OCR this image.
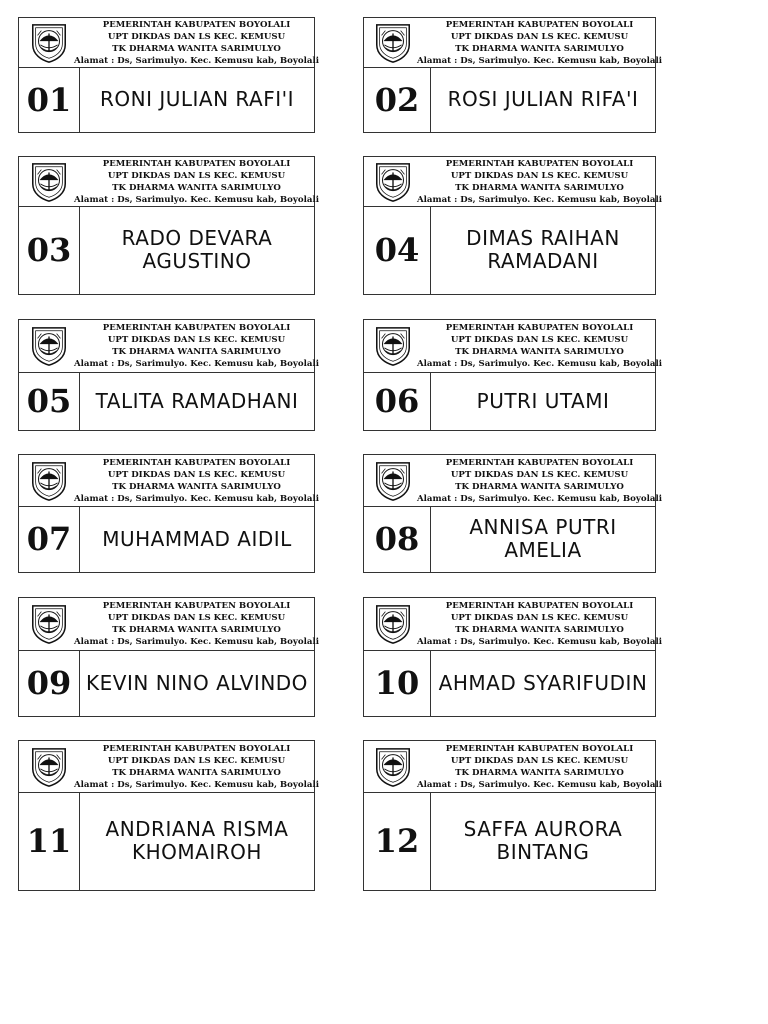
PEMERINTAH KABUPATEN BOYOLALI
UPT DIKDAS DAN LS KEC. KEMUSU
TK DHARMA WANITA SARIMULYO
Alamat : Ds, Sarimulyo. Kec. Kemusu kab, Boyolali
01	RONI JULIAN RAFI'I
PEMERINTAH KABUPATEN BOYOLALI
UPT DIKDAS DAN LS KEC. KEMUSU
TK DHARMA WANITA SARIMULYO
Alamat : Ds, Sarimulyo. Kec. Kemusu kab, Boyolali
02	ROSI JULIAN RIFA'I
PEMERINTAH KABUPATEN BOYOLALI
UPT DIKDAS DAN LS KEC. KEMUSU
TK DHARMA WANITA SARIMULYO
Alamat : Ds, Sarimulyo. Kec. Kemusu kab, Boyolali
03	RADO DEVARA AGUSTINO
PEMERINTAH KABUPATEN BOYOLALI
UPT DIKDAS DAN LS KEC. KEMUSU
TK DHARMA WANITA SARIMULYO
Alamat : Ds, Sarimulyo. Kec. Kemusu kab, Boyolali
04	DIMAS RAIHAN RAMADANI
PEMERINTAH KABUPATEN BOYOLALI
UPT DIKDAS DAN LS KEC. KEMUSU
TK DHARMA WANITA SARIMULYO
Alamat : Ds, Sarimulyo. Kec. Kemusu kab, Boyolali
05	TALITA RAMADHANI
PEMERINTAH KABUPATEN BOYOLALI
UPT DIKDAS DAN LS KEC. KEMUSU
TK DHARMA WANITA SARIMULYO
Alamat : Ds, Sarimulyo. Kec. Kemusu kab, Boyolali
06	PUTRI UTAMI
PEMERINTAH KABUPATEN BOYOLALI
UPT DIKDAS DAN LS KEC. KEMUSU
TK DHARMA WANITA SARIMULYO
Alamat : Ds, Sarimulyo. Kec. Kemusu kab, Boyolali
07	MUHAMMAD AIDIL
PEMERINTAH KABUPATEN BOYOLALI
UPT DIKDAS DAN LS KEC. KEMUSU
TK DHARMA WANITA SARIMULYO
Alamat : Ds, Sarimulyo. Kec. Kemusu kab, Boyolali
08	ANNISA PUTRI AMELIA
PEMERINTAH KABUPATEN BOYOLALI
UPT DIKDAS DAN LS KEC. KEMUSU
TK DHARMA WANITA SARIMULYO
Alamat : Ds, Sarimulyo. Kec. Kemusu kab, Boyolali
09 KEVIN NINO ALVINDO
PEMERINTAH KABUPATEN BOYOLALI
UPT DIKDAS DAN LS KEC. KEMUSU
TK DHARMA WANITA SARIMULYO
Alamat : Ds, Sarimulyo. Kec. Kemusu kab, Boyolali
10 AHMAD SYARIFUDIN
PEMERINTAH KABUPATEN BOYOLALI
UPT DIKDAS DAN LS KEC. KEMUSU
TK DHARMA WANITA SARIMULYO
Alamat : Ds, Sarimulyo. Kec. Kemusu kab, Boyolali
11	ANDRIANA RISMA KHOMAIROH
PEMERINTAH KABUPATEN BOYOLALI
UPT DIKDAS DAN LS KEC. KEMUSU
TK DHARMA WANITA SARIMULYO
Alamat : Ds, Sarimulyo. Kec. Kemusu kab, Boyolali
12	SAFFA AURORA BINTANG
